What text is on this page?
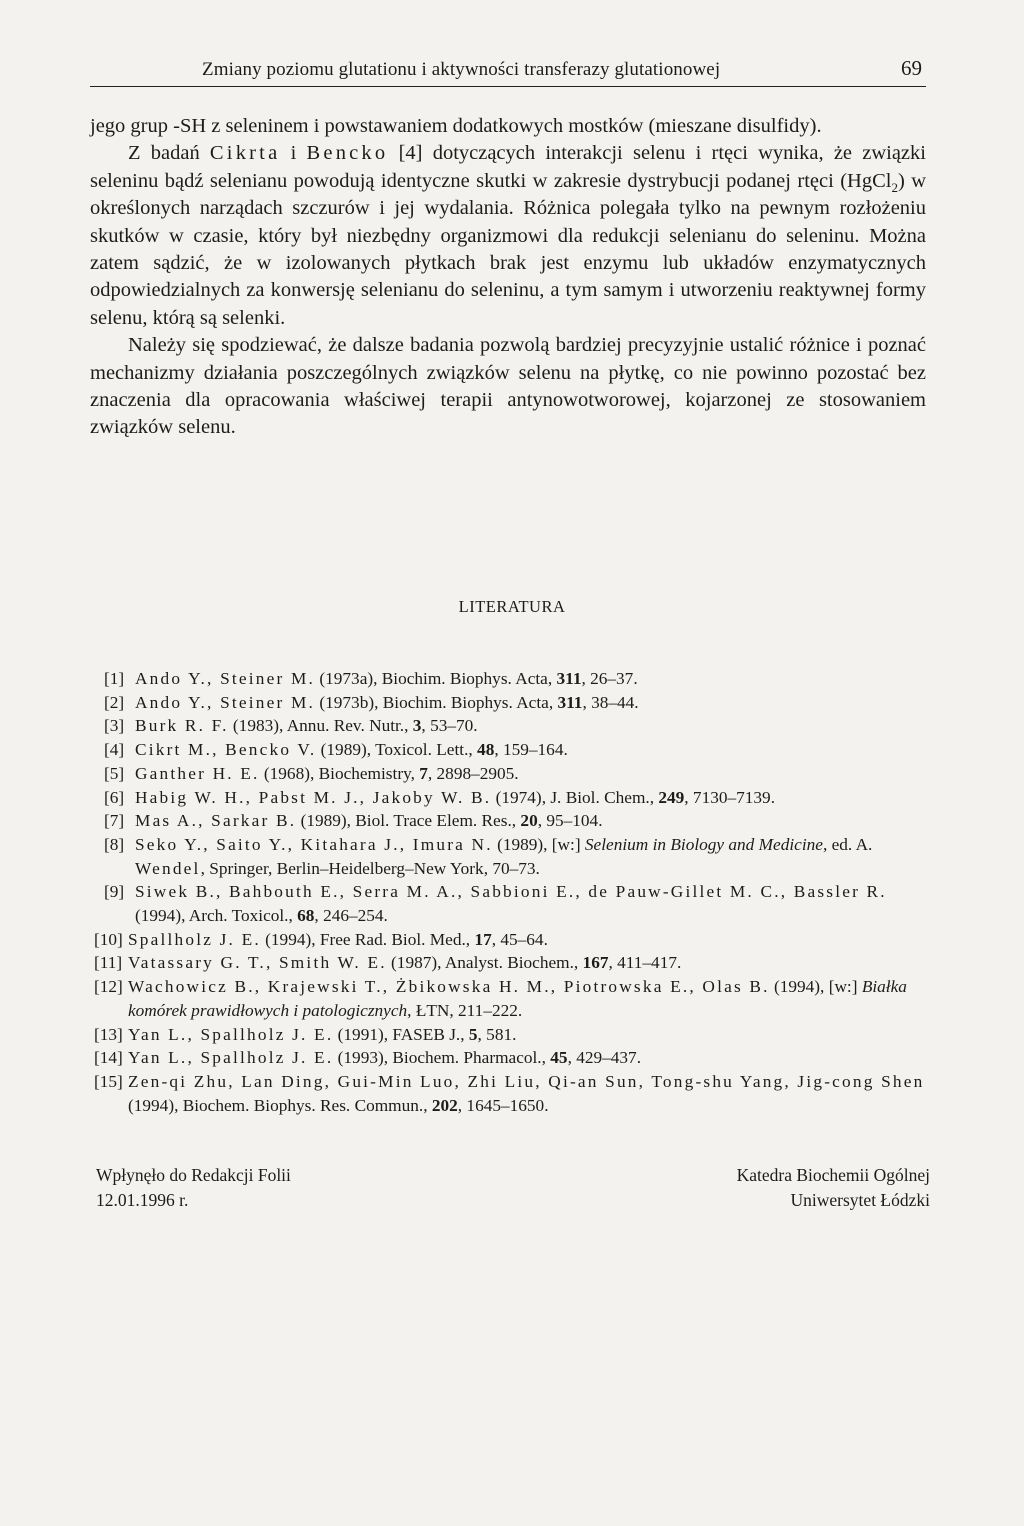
Zmiany poziomu glutationu i aktywności transferazy glutationowej	69

jego grup -SH z seleninem i powstawaniem dodatkowych mostków (mieszane disulfidy).

Z badań Cikrta i Bencko [4] dotyczących interakcji selenu i rtęci wynika, że związki seleninu bądź selenianu powodują identyczne skutki w zakresie dystrybucji podanej rtęci (HgCl$_2$) w określonych narządach szczurów i jej wydalania. Różnica polegała tylko na pewnym rozłożeniu skutków w czasie, który był niezbędny organizmowi dla redukcji selenianu do seleninu. Można zatem sądzić, że w izolowanych płytkach brak jest enzymu lub układów enzymatycznych odpowiedzialnych za konwersję selenianu do seleninu, a tym samym i utworzeniu reaktywnej formy selenu, którą są selenki.

Należy się spodziewać, że dalsze badania pozwolą bardziej precyzyjnie ustalić różnice i poznać mechanizmy działania poszczególnych związków selenu na płytkę, co nie powinno pozostać bez znaczenia dla opracowania właściwej terapii antynowotworowej, kojarzonej ze stosowaniem związków selenu.

LITERATURA
[1] Ando Y., Steiner M. (1973a), Biochim. Biophys. Acta, 311, 26–37.
[2] Ando Y., Steiner M. (1973b), Biochim. Biophys. Acta, 311, 38–44.
[3] Burk R. F. (1983), Annu. Rev. Nutr., 3, 53–70.
[4] Cikrt M., Bencko V. (1989), Toxicol. Lett., 48, 159–164.
[5] Ganther H. E. (1968), Biochemistry, 7, 2898–2905.
[6] Habig W. H., Pabst M. J., Jakoby W. B. (1974), J. Biol. Chem., 249, 7130–7139.
[7] Mas A., Sarkar B. (1989), Biol. Trace Elem. Res., 20, 95–104.
[8] Seko Y., Saito Y., Kitahara J., Imura N. (1989), [w:] Selenium in Biology and Medicine, ed. A. Wendel, Springer, Berlin–Heidelberg–New York, 70–73.
[9] Siwek B., Bahbouth E., Serra M. A., Sabbioni E., de Pauw-Gillet M. C., Bassler R. (1994), Arch. Toxicol., 68, 246–254.
[10] Spallholz J. E. (1994), Free Rad. Biol. Med., 17, 45–64.
[11] Vatassary G. T., Smith W. E. (1987), Analyst. Biochem., 167, 411–417.
[12] Wachowicz B., Krajewski T., Żbikowska H. M., Piotrowska E., Olas B. (1994), [w:] Białka komórek prawidłowych i patologicznych, ŁTN, 211–222.
[13] Yan L., Spallholz J. E. (1991), FASEB J., 5, 581.
[14] Yan L., Spallholz J. E. (1993), Biochem. Pharmacol., 45, 429–437.
[15] Zen-qi Zhu, Lan Ding, Gui-Min Luo, Zhi Liu, Qi-an Sun, Tong-shu Yang, Jig-cong Shen (1994), Biochem. Biophys. Res. Commun., 202, 1645–1650.
Wpłynęło do Redakcji Folii
12.01.1996 r.
Katedra Biochemii Ogólnej
Uniwersytet Łódzki
